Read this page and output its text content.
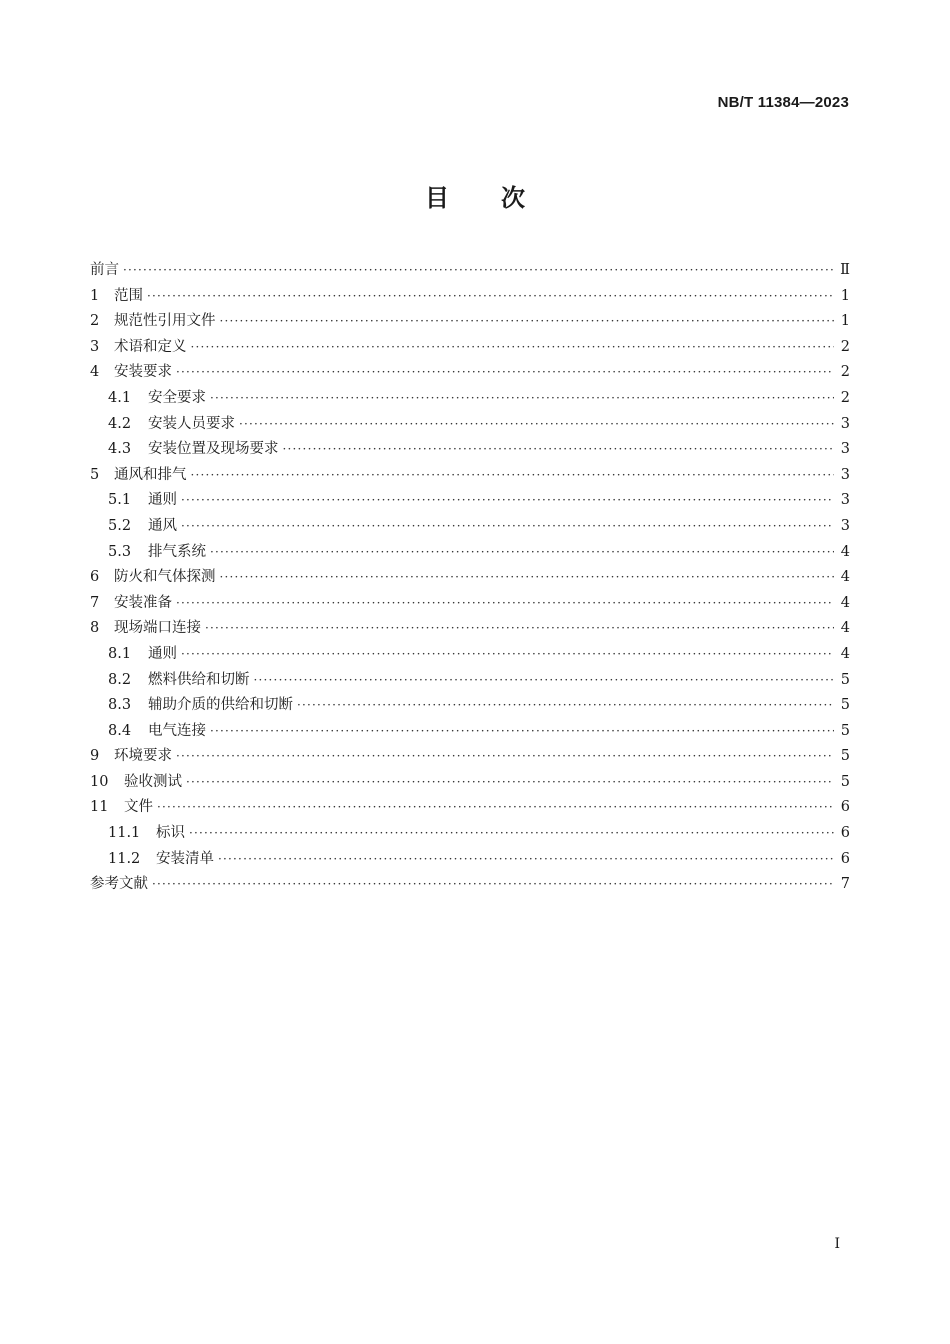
NB/T 11384—2023
目次
前言 ·····	Ⅱ
1	范围 ·····	1
2	规范性引用文件 ·····	1
3	术语和定义 ·····	2
4	安装要求 ·····	2
4.1	安全要求 ·····	2
4.2	安装人员要求 ·····	3
4.3	安装位置及现场要求 ·····	3
5	通风和排气 ·····	3
5.1	通则 ·····	3
5.2	通风 ·····	3
5.3	排气系统 ·····	4
6	防火和气体探测 ·····	4
7	安装准备 ·····	4
8	现场端口连接 ·····	4
8.1	通则 ·····	4
8.2	燃料供给和切断 ·····	5
8.3	辅助介质的供给和切断 ·····	5
8.4	电气连接 ·····	5
9	环境要求 ·····	5
10	验收测试 ·····	5
11	文件 ·····	6
11.1	标识 ·····	6
11.2	安装清单 ·····	6
参考文献 ·····	7
I
